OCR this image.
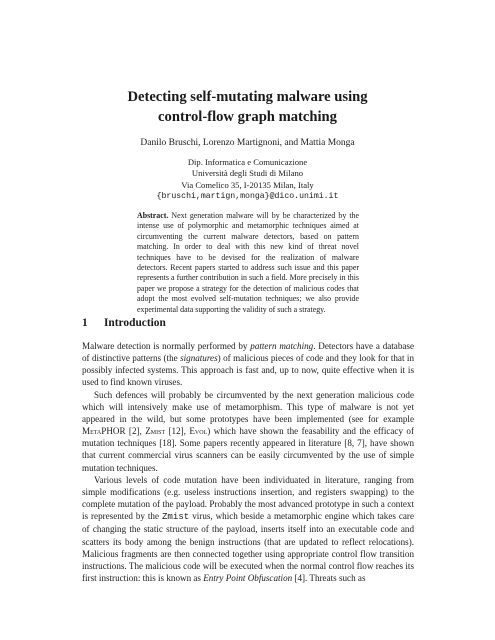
Detecting self-mutating malware using
control-flow graph matching
Danilo Bruschi, Lorenzo Martignoni, and Mattia Monga
Dip. Informatica e Comunicazione
Università degli Studi di Milano
Via Comelico 35, I-20135 Milan, Italy
{bruschi,martign,monga}@dico.unimi.it
Abstract. Next generation malware will by be characterized by the intense use of polymorphic and metamorphic techniques aimed at circumventing the current malware detectors, based on pattern matching. In order to deal with this new kind of threat novel techniques have to be devised for the realization of malware detectors. Recent papers started to address such issue and this paper represents a further contribution in such a field. More precisely in this paper we propose a strategy for the detection of malicious codes that adopt the most evolved self-mutation techniques; we also provide experimental data supporting the validity of such a strategy.
1 Introduction

Malware detection is normally performed by pattern matching. Detectors have a database of distinctive patterns (the signatures) of malicious pieces of code and they look for that in possibly infected systems. This approach is fast and, up to now, quite effective when it is used to find known viruses.

Such defences will probably be circumvented by the next generation malicious code which will intensively make use of metamorphism. This type of malware is not yet appeared in the wild, but some prototypes have been implemented (see for example MetaPHOR [2], Zmist [12], Evol) which have shown the feasability and the efficacy of mutation techniques [18]. Some papers recently appeared in literature [8, 7], have shown that current commercial virus scanners can be easily circumvented by the use of simple mutation techniques.

Various levels of code mutation have been individuated in literature, ranging from simple modifications (e.g. useless instructions insertion, and registers swapping) to the complete mutation of the payload. Probably the most advanced prototype in such a context is represented by the Zmist virus, which beside a metamorphic engine which takes care of changing the static structure of the payload, inserts itself into an executable code and scatters its body among the benign instructions (that are updated to reflect relocations). Malicious fragments are then connected together using appropriate control flow transition instructions. The malicious code will be executed when the normal control flow reaches its first instruction: this is known as Entry Point Obfuscation [4]. Threats such as
